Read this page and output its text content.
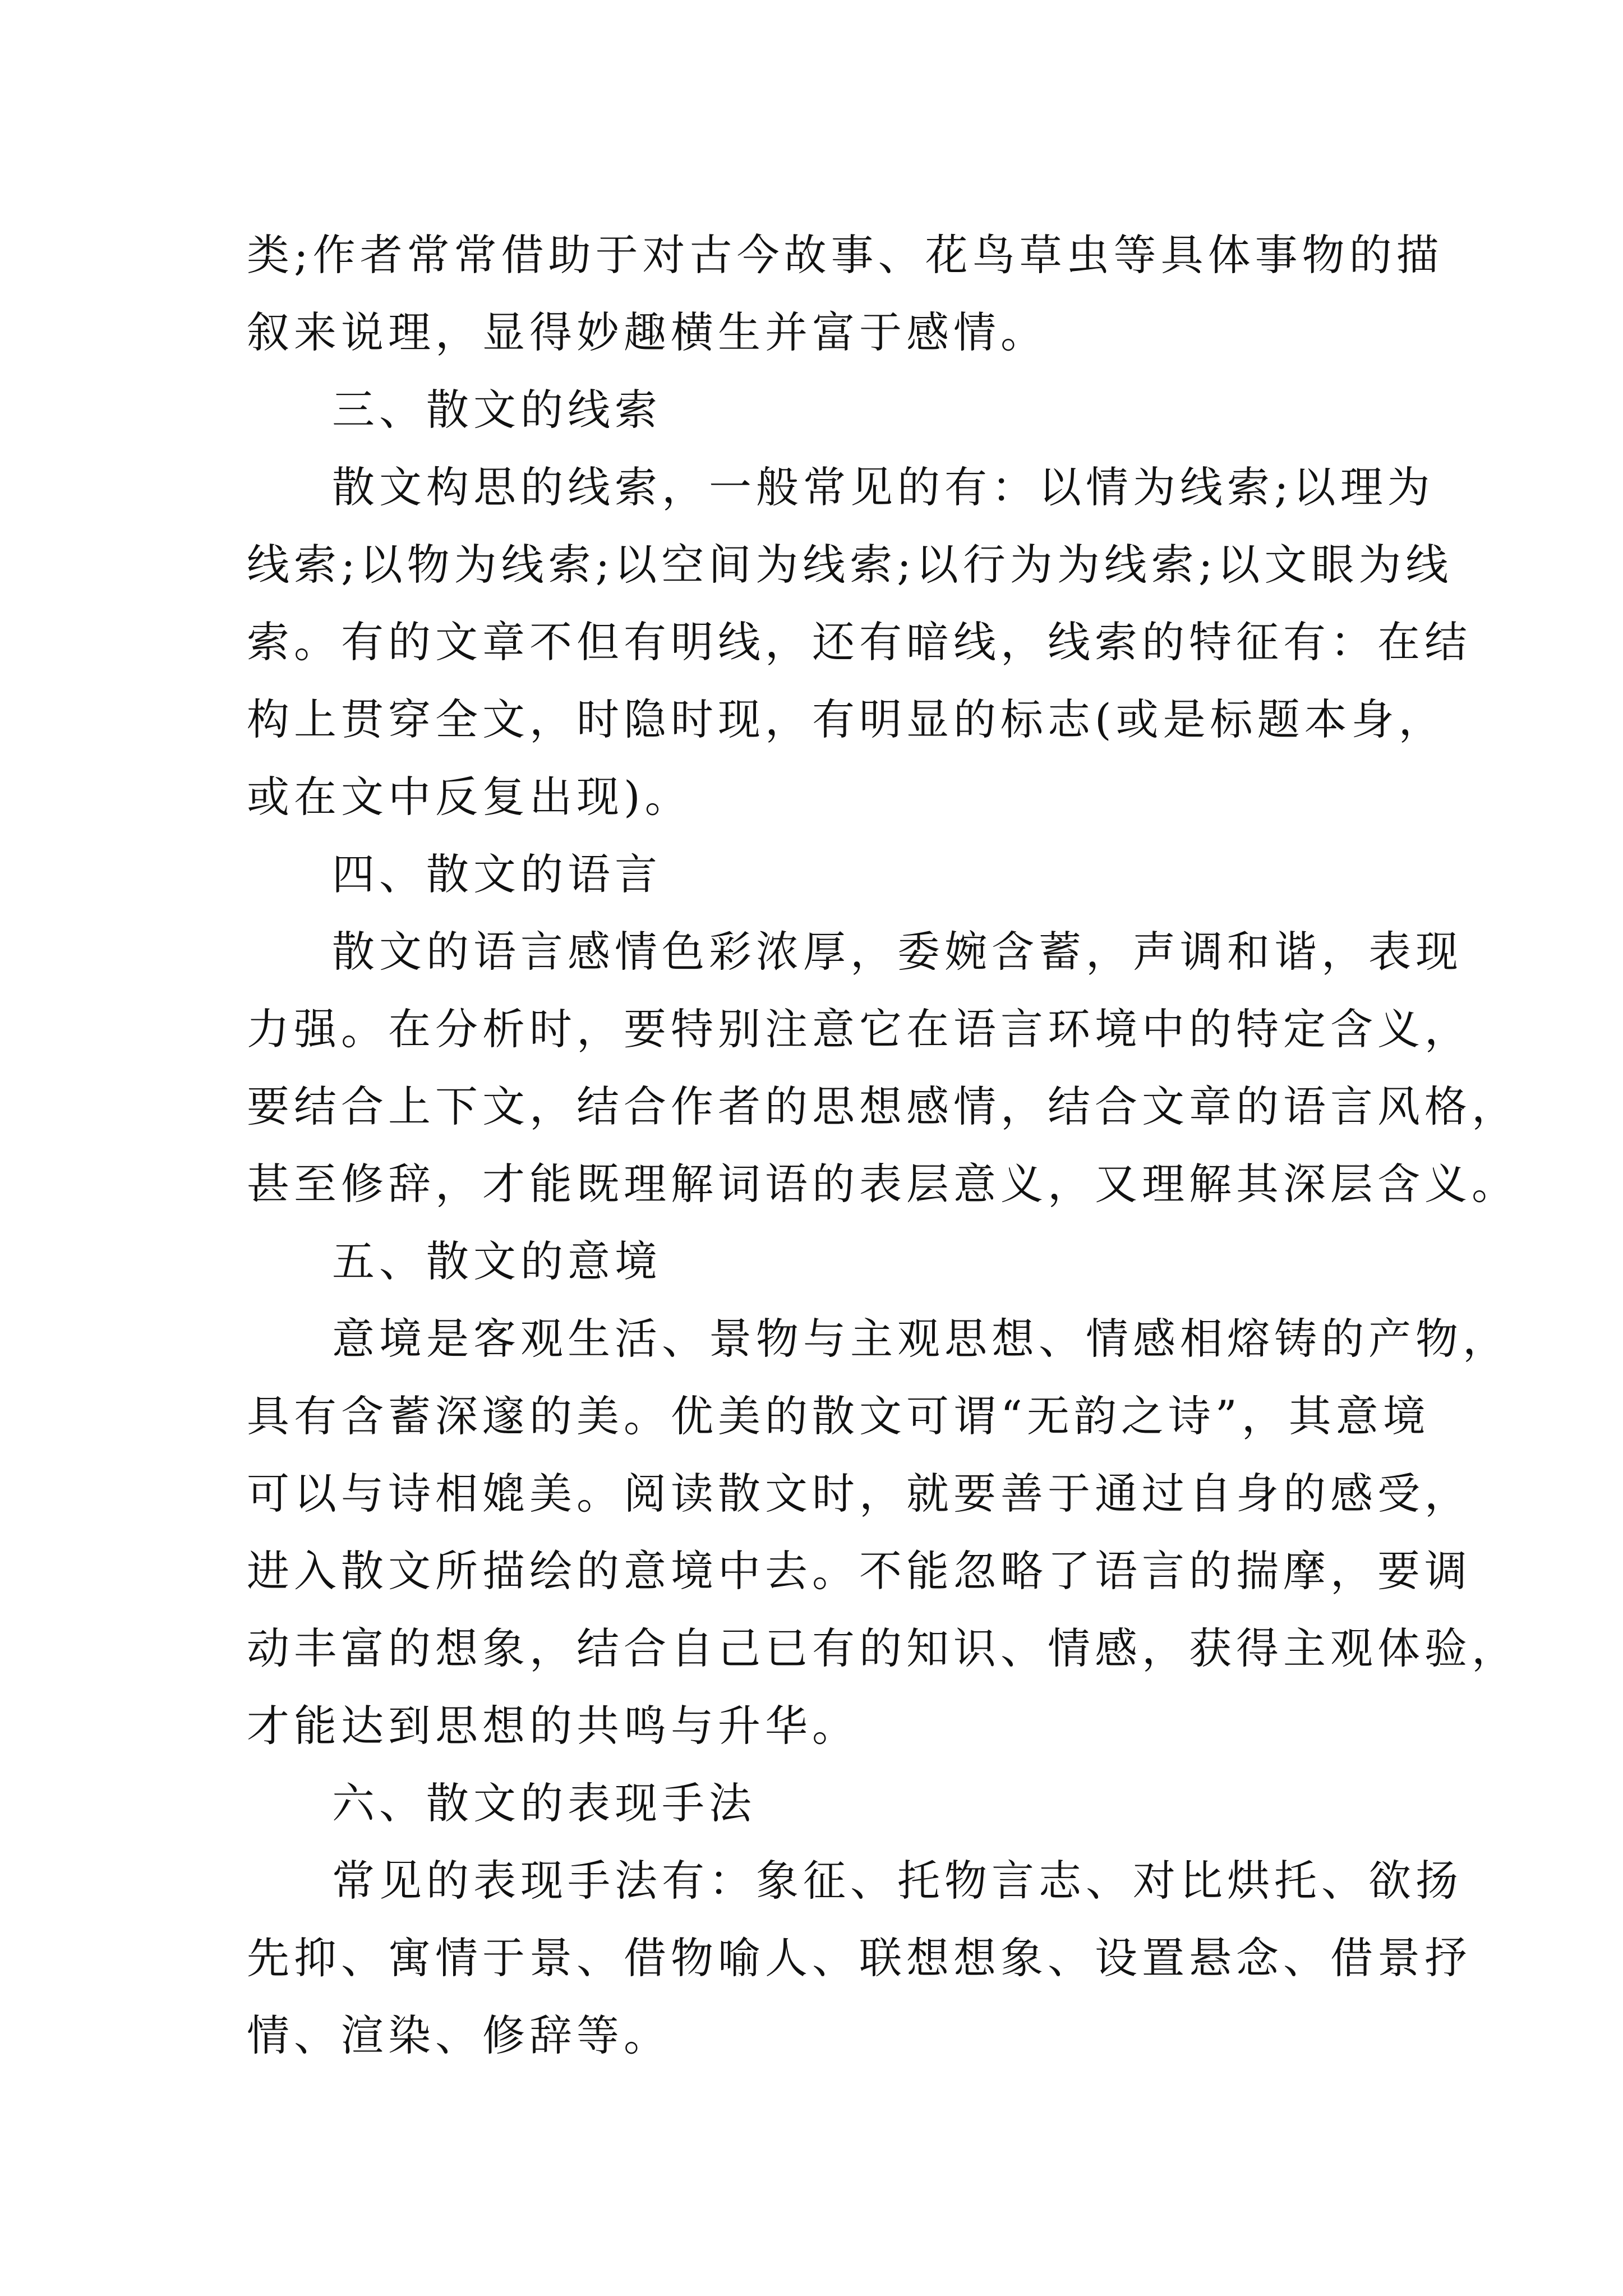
类;作者常常借助于对古今故事、花鸟草虫等具体事物的描
叙来说理，显得妙趣横生并富于感情。
三、散文的线索
散文构思的线索，一般常见的有：以情为线索;以理为
线索;以物为线索;以空间为线索;以行为为线索;以文眼为线
索。有的文章不但有明线，还有暗线，线索的特征有：在结
构上贯穿全文，时隐时现，有明显的标志(或是标题本身，
或在文中反复出现)。
四、散文的语言
散文的语言感情色彩浓厚，委婉含蓄，声调和谐，表现
力强。在分析时，要特别注意它在语言环境中的特定含义，
要结合上下文，结合作者的思想感情，结合文章的语言风格，
甚至修辞，才能既理解词语的表层意义，又理解其深层含义。
五、散文的意境
意境是客观生活、景物与主观思想、情感相熔铸的产物，
具有含蓄深邃的美。优美的散文可谓“无韵之诗”，其意境
可以与诗相媲美。阅读散文时，就要善于通过自身的感受，
进入散文所描绘的意境中去。不能忽略了语言的揣摩，要调
动丰富的想象，结合自己已有的知识、情感，获得主观体验，
才能达到思想的共鸣与升华。
六、散文的表现手法
常见的表现手法有：象征、托物言志、对比烘托、欲扬
先抑、寓情于景、借物喻人、联想想象、设置悬念、借景抒
情、渲染、修辞等。
